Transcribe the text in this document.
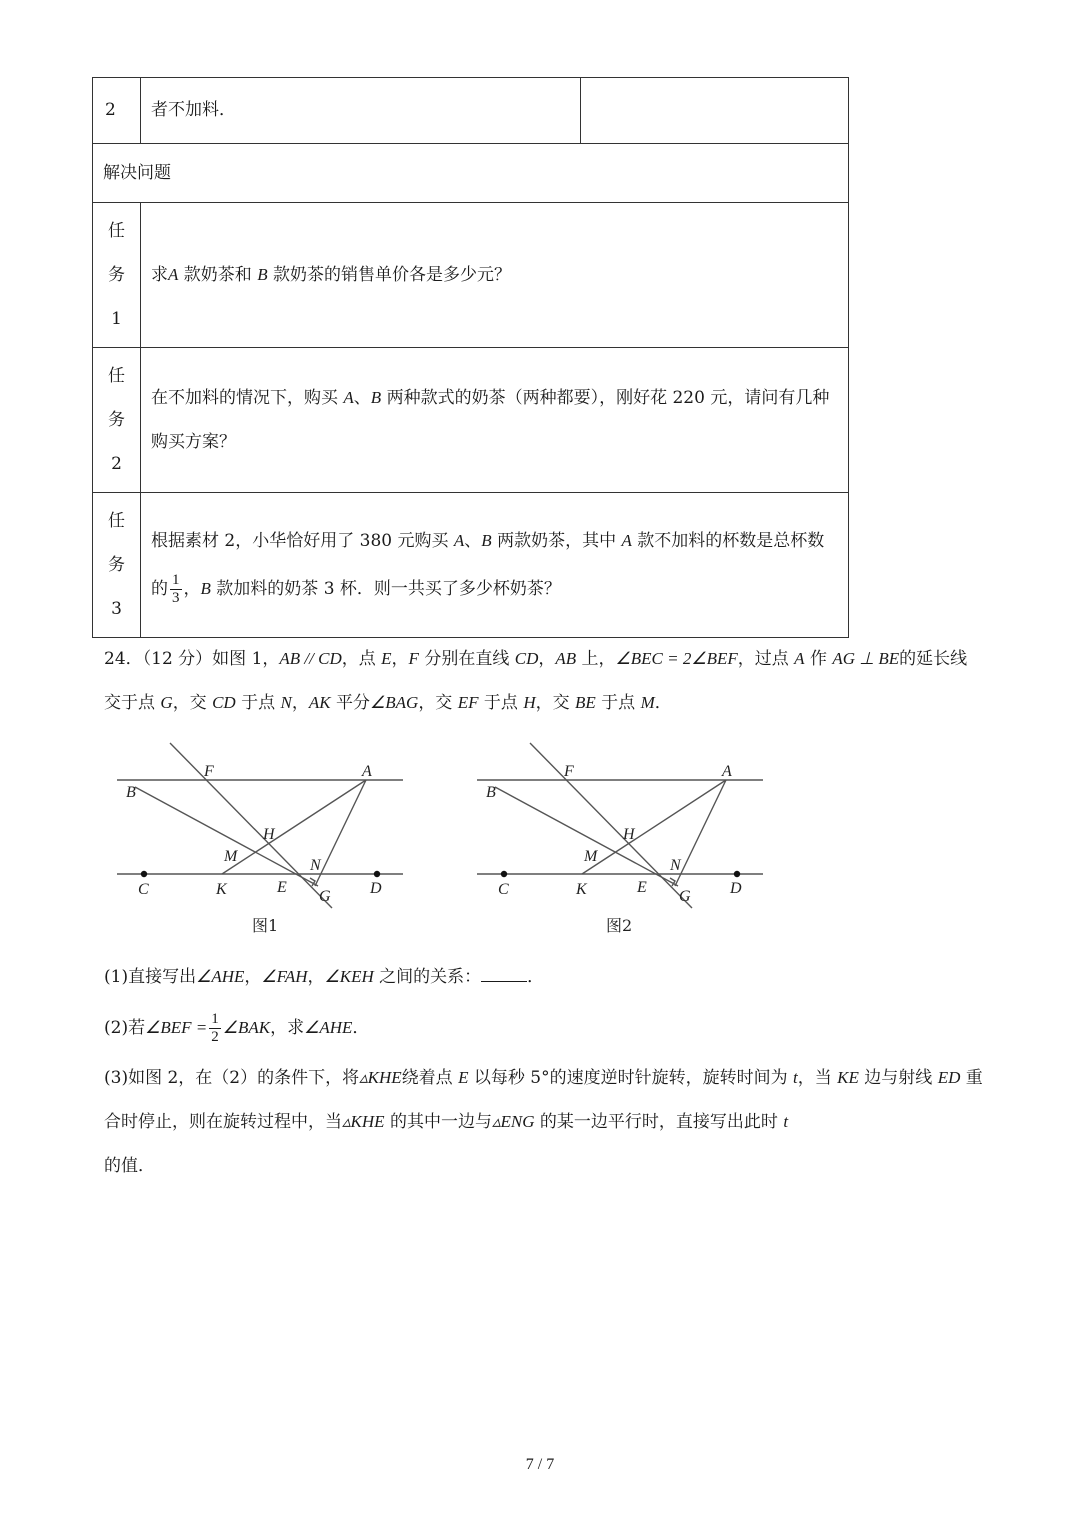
2	者不加料．	
解决问题		

任
务
1	求A 款奶茶和 B 款奶茶的销售单价各是多少元？	

任
务
2	在不加料的情况下，购买 A、B 两种款式的奶茶（两种都要），刚好花 220 元，请问有几种购买方案？	

任
务
3	根据素材 2，小华恰好用了 380 元购买 A、B 两款奶茶，其中 A 款不加料的杯数是总杯数的 $\frac{1}{3}$ ，B 款加料的奶茶 3 杯．则一共买了多少杯奶茶？	

24．（12 分）如图 1，AB // CD，点 E，F 分别在直线 CD，AB 上，∠BEC = 2∠BEF，过点 A 作 AG ⊥ BE的延长线交于点 G，交 CD 于点 N，AK 平分∠BAG，交 EF 于点 H，交 BE 于点 M．

F	A
B
H
M
N
C	K	E
G D
图1
F	A
B
H
M
N
C	K	E
G D
图2

(1)直接写出∠AHE，∠FAH，∠KEH 之间的关系：	．

(2)若∠BEF = $\frac{1}{2}$ ∠BAK，求∠AHE．

(3)如图 2，在（2）的条件下，将▵KHE绕着点 E 以每秒 5°的速度逆时针旋转，旋转时间为 t，当 KE 边与射线 ED 重合时停止，则在旋转过程中，当▵KHE 的其中一边与▵ENG 的某一边平行时，直接写出此时 t
的值．

7 / 7
